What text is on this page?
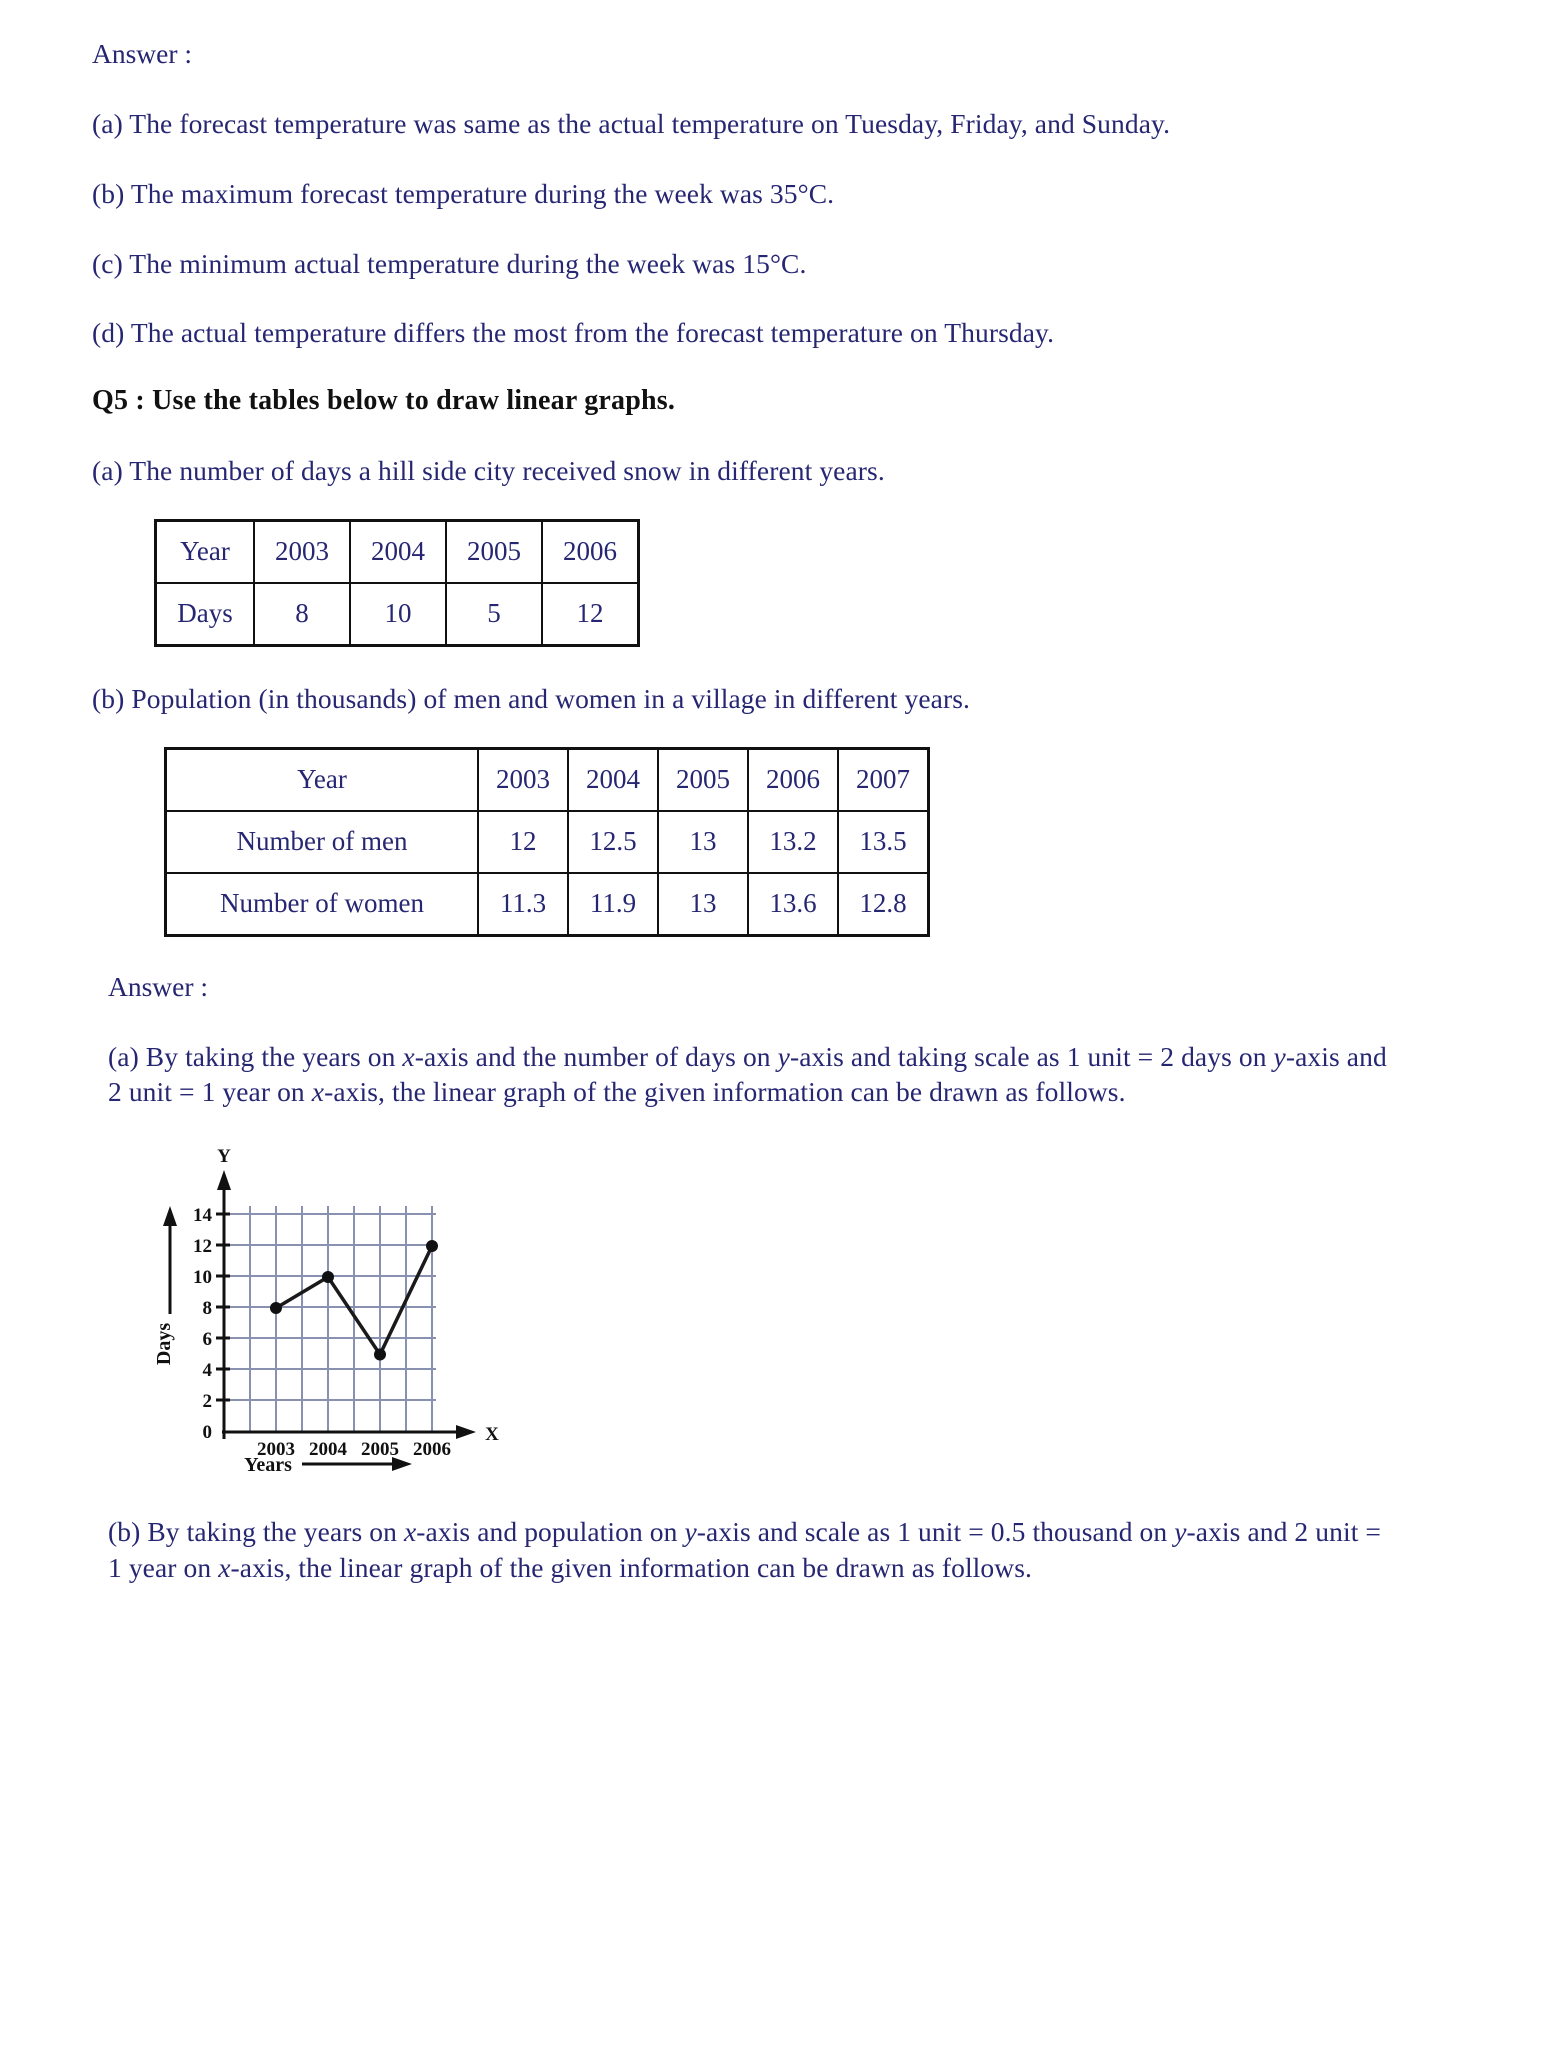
Answer :

(a) The forecast temperature was same as the actual temperature on Tuesday, Friday, and Sunday.

(b) The maximum forecast temperature during the week was 35°C.

(c) The minimum actual temperature during the week was 15°C.

(d) The actual temperature differs the most from the forecast temperature on Thursday.

Q5 : Use the tables below to draw linear graphs.

(a) The number of days a hill side city received snow in different years.

Year	2003	2004	2005	2006
Days	8	10	5	12

(b) Population (in thousands) of men and women in a village in different years.

Year	2003	2004	2005	2006	2007
Number of men	12	12.5	13	13.2	13.5
Number of women	11.3	11.9	13	13.6	12.8
Answer :

(a) By taking the years on x-axis and the number of days on y-axis and taking scale as 1 unit = 2 days on y-axis and 2 unit = 1 year on x-axis, the linear graph of the given information can be drawn as follows.

Y
X
14
12
10
8
6
4
2
0
2003 2004 2005 2006
Days
Years

(b) By taking the years on x-axis and population on y-axis and scale as 1 unit = 0.5 thousand on y-axis and 2 unit = 1 year on x-axis, the linear graph of the given information can be drawn as follows.
